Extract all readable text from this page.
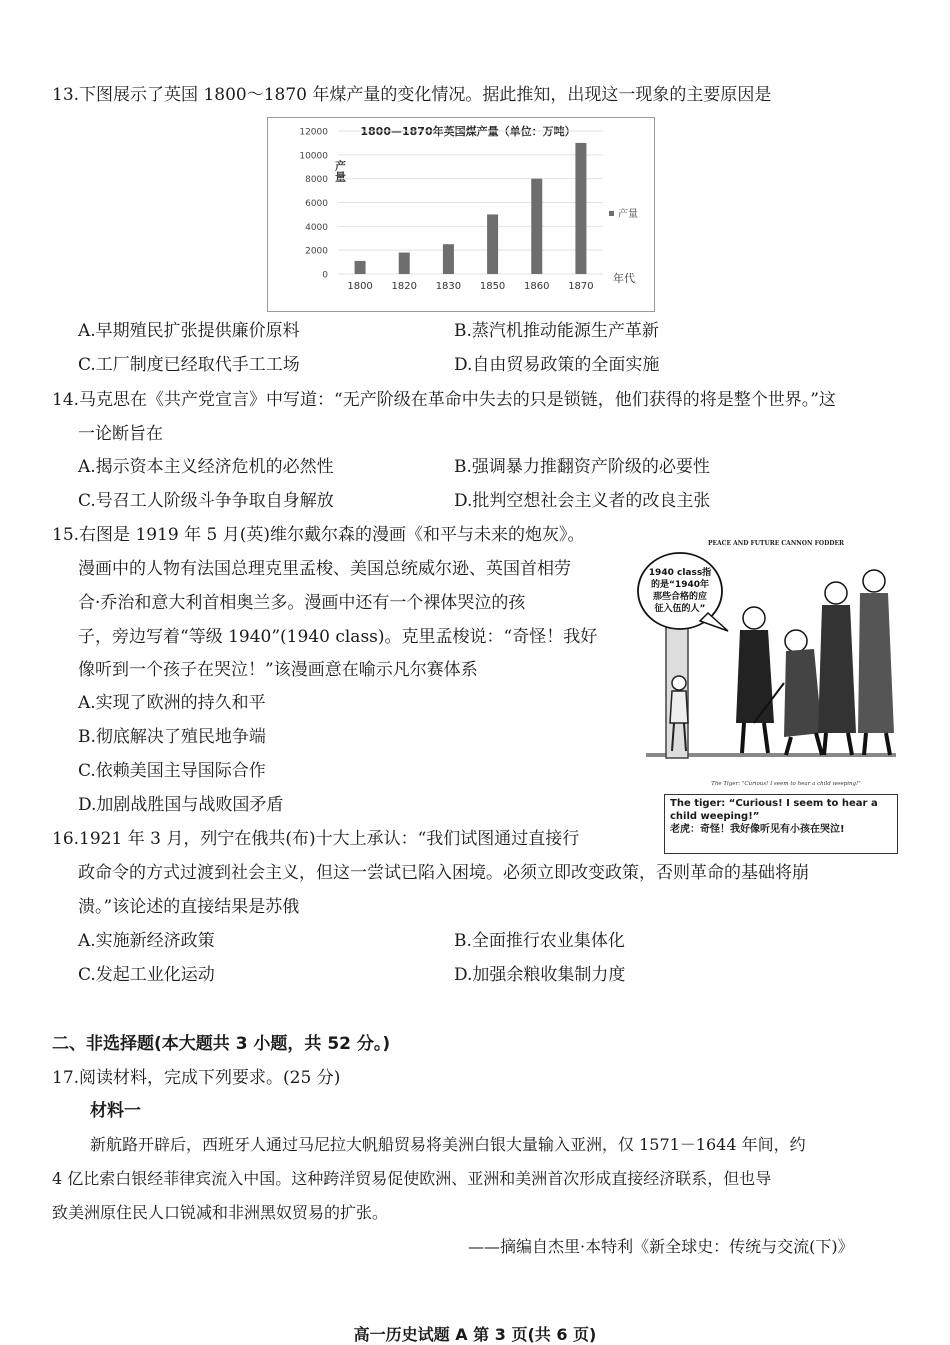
13.下图展示了英国 1800～1870 年煤产量的变化情况。据此推知，出现这一现象的主要原因是
1800—1870年英国煤产量（单位：万吨）
产量
0
2000
4000
6000
8000
10000
12000
1800 1820 1830 1850 1860 1870
产量
年代
A.早期殖民扩张提供廉价原料	B.蒸汽机推动能源生产革新
C.工厂制度已经取代手工工场	D.自由贸易政策的全面实施
14.马克思在《共产党宣言》中写道：“无产阶级在革命中失去的只是锁链，他们获得的将是整个世界。”这
一论断旨在
A.揭示资本主义经济危机的必然性	B.强调暴力推翻资产阶级的必要性
C.号召工人阶级斗争争取自身解放	D.批判空想社会主义者的改良主张
15.右图是 1919 年 5 月(英)维尔戴尔森的漫画《和平与未来的炮灰》。
漫画中的人物有法国总理克里孟梭、美国总统威尔逊、英国首相劳
合·乔治和意大利首相奥兰多。漫画中还有一个裸体哭泣的孩
子，旁边写着“等级 1940”(1940 class)。克里孟梭说：“奇怪！我好
像听到一个孩子在哭泣！”该漫画意在喻示凡尔赛体系
A.实现了欧洲的持久和平
B.彻底解决了殖民地争端
C.依赖美国主导国际合作
D.加剧战胜国与战败国矛盾
PEACE AND FUTURE CANNON FODDER
1940 class指
的是“1940年
那些合格的应
征入伍的人”
The Tiger: "Curious! I seem to hear a child weeping!"
The tiger: “Curious! I seem to hear a child weeping!”
老虎：奇怪！我好像听见有小孩在哭泣!
16.1921 年 3 月，列宁在俄共(布)十大上承认：“我们试图通过直接行
政命令的方式过渡到社会主义，但这一尝试已陷入困境。必须立即改变政策，否则革命的基础将崩
溃。”该论述的直接结果是苏俄
A.实施新经济政策	B.全面推行农业集体化
C.发起工业化运动	D.加强余粮收集制力度
二、非选择题(本大题共 3 小题，共 52 分。)
17.阅读材料，完成下列要求。(25 分)
材料一
新航路开辟后，西班牙人通过马尼拉大帆船贸易将美洲白银大量输入亚洲，仅 1571－1644 年间，约
4 亿比索白银经菲律宾流入中国。这种跨洋贸易促使欧洲、亚洲和美洲首次形成直接经济联系，但也导
致美洲原住民人口锐减和非洲黑奴贸易的扩张。
——摘编自杰里·本特利《新全球史：传统与交流(下)》
高一历史试题 A 第 3 页(共 6 页)
